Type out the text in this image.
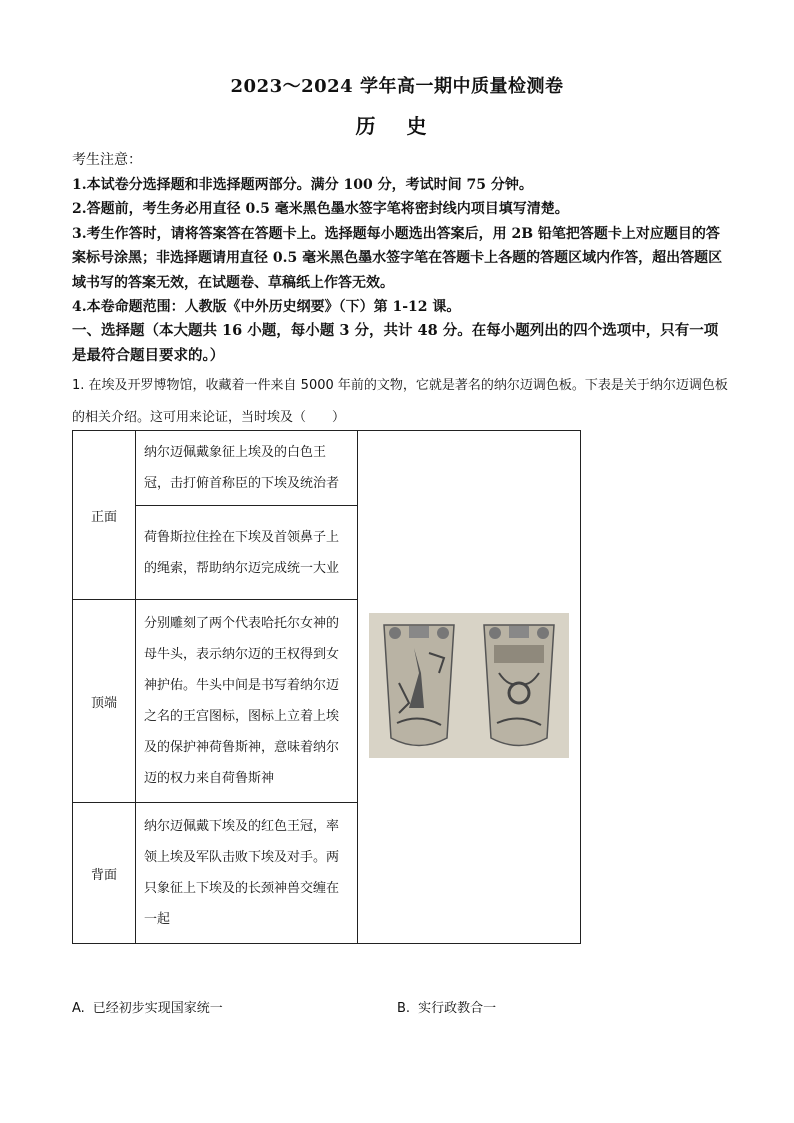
2023～2024 学年高一期中质量检测卷
历 史

考生注意：

1.本试卷分选择题和非选择题两部分。满分 100 分，考试时间 75 分钟。

2.答题前，考生务必用直径 0.5 毫米黑色墨水签字笔将密封线内项目填写清楚。

3.考生作答时，请将答案答在答题卡上。选择题每小题选出答案后，用 2B 铅笔把答题卡上对应题目的答案标号涂黑；非选择题请用直径 0.5 毫米黑色墨水签字笔在答题卡上各题的答题区域内作答，超出答题区域书写的答案无效，在试题卷、草稿纸上作答无效。

4.本卷命题范围：人教版《中外历史纲要》（下）第 1-12 课。

一、选择题（本大题共 16 小题，每小题 3 分，共计 48 分。在每小题列出的四个选项中，只有一项是最符合题目要求的。）
1. 在埃及开罗博物馆，收藏着一件来自 5000 年前的文物，它就是著名的纳尔迈调色板。下表是关于纳尔迈调色板的相关介绍。这可用来论证，当时埃及（　　）
正面	纳尔迈佩戴象征上埃及的白色王冠，击打俯首称臣的下埃及统治者	
	荷鲁斯拉住拴在下埃及首领鼻子上的绳索，帮助纳尔迈完成统一大业	
顶端	分别雕刻了两个代表哈托尔女神的母牛头，表示纳尔迈的王权得到女神护佑。牛头中间是书写着纳尔迈之名的王宫图标，图标上立着上埃及的保护神荷鲁斯神，意味着纳尔迈的权力来自荷鲁斯神	
背面	纳尔迈佩戴下埃及的红色王冠，率领上埃及军队击败下埃及对手。两只象征上下埃及的长颈神兽交缠在一起	
A. 已经初步实现国家统一	B. 实行政教合一
